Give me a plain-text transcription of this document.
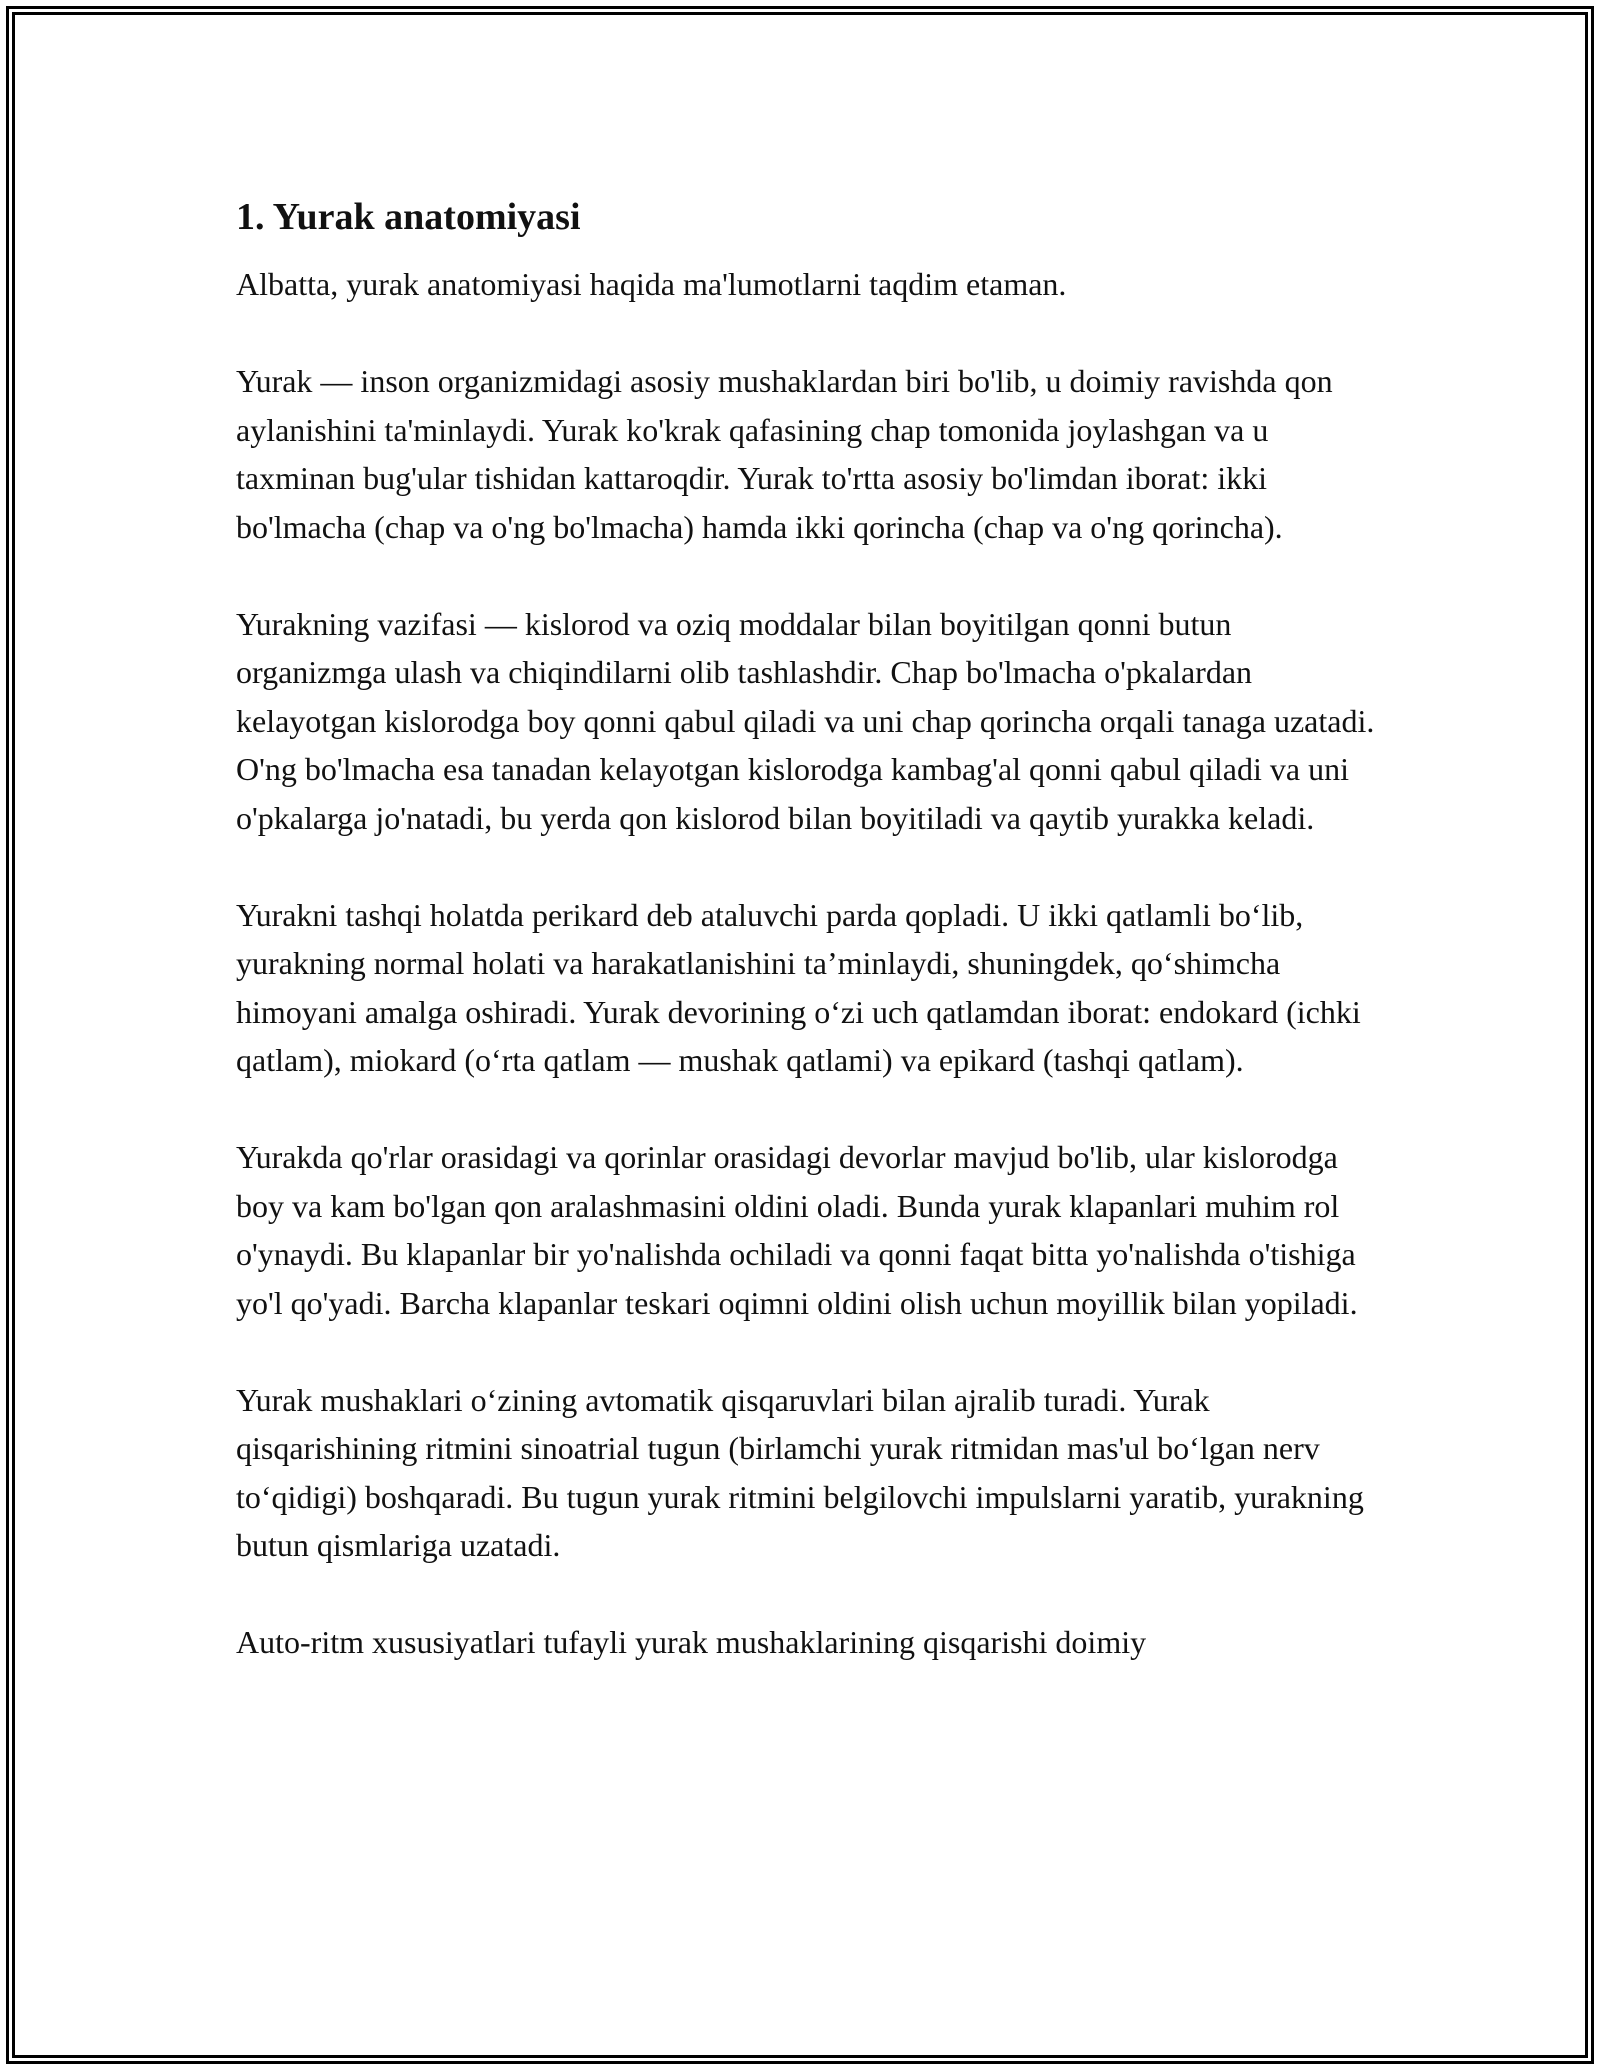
1. Yurak anatomiyasi

Albatta, yurak anatomiyasi haqida ma'lumotlarni taqdim etaman.

Yurak — inson organizmidagi asosiy mushaklardan biri bo'lib, u doimiy ravishda qon aylanishini ta'minlaydi. Yurak ko'krak qafasining chap tomonida joylashgan va u taxminan bug'ular tishidan kattaroqdir. Yurak to'rtta asosiy bo'limdan iborat: ikki bo'lmacha (chap va o'ng bo'lmacha) hamda ikki qorincha (chap va o'ng qorincha).

Yurakning vazifasi — kislorod va oziq moddalar bilan boyitilgan qonni butun organizmga ulash va chiqindilarni olib tashlashdir. Chap bo'lmacha o'pkalardan kelayotgan kislorodga boy qonni qabul qiladi va uni chap qorincha orqali tanaga uzatadi. O'ng bo'lmacha esa tanadan kelayotgan kislorodga kambag'al qonni qabul qiladi va uni o'pkalarga jo'natadi, bu yerda qon kislorod bilan boyitiladi va qaytib yurakka keladi.

Yurakni tashqi holatda perikard deb ataluvchi parda qopladi. U ikki qatlamli bo‘lib, yurakning normal holati va harakatlanishini ta’minlaydi, shuningdek, qo‘shimcha himoyani amalga oshiradi. Yurak devorining o‘zi uch qatlamdan iborat: endokard (ichki qatlam), miokard (o‘rta qatlam — mushak qatlami) va epikard (tashqi qatlam).

Yurakda qo'rlar orasidagi va qorinlar orasidagi devorlar mavjud bo'lib, ular kislorodga boy va kam bo'lgan qon aralashmasini oldini oladi. Bunda yurak klapanlari muhim rol o'ynaydi. Bu klapanlar bir yo'nalishda ochiladi va qonni faqat bitta yo'nalishda o'tishiga yo'l qo'yadi. Barcha klapanlar teskari oqimni oldini olish uchun moyillik bilan yopiladi.

Yurak mushaklari o‘zining avtomatik qisqaruvlari bilan ajralib turadi. Yurak qisqarishining ritmini sinoatrial tugun (birlamchi yurak ritmidan mas'ul bo‘lgan nerv to‘qidigi) boshqaradi. Bu tugun yurak ritmini belgilovchi impulslarni yaratib, yurakning butun qismlariga uzatadi.

Auto-ritm xususiyatlari tufayli yurak mushaklarining qisqarishi doimiy
